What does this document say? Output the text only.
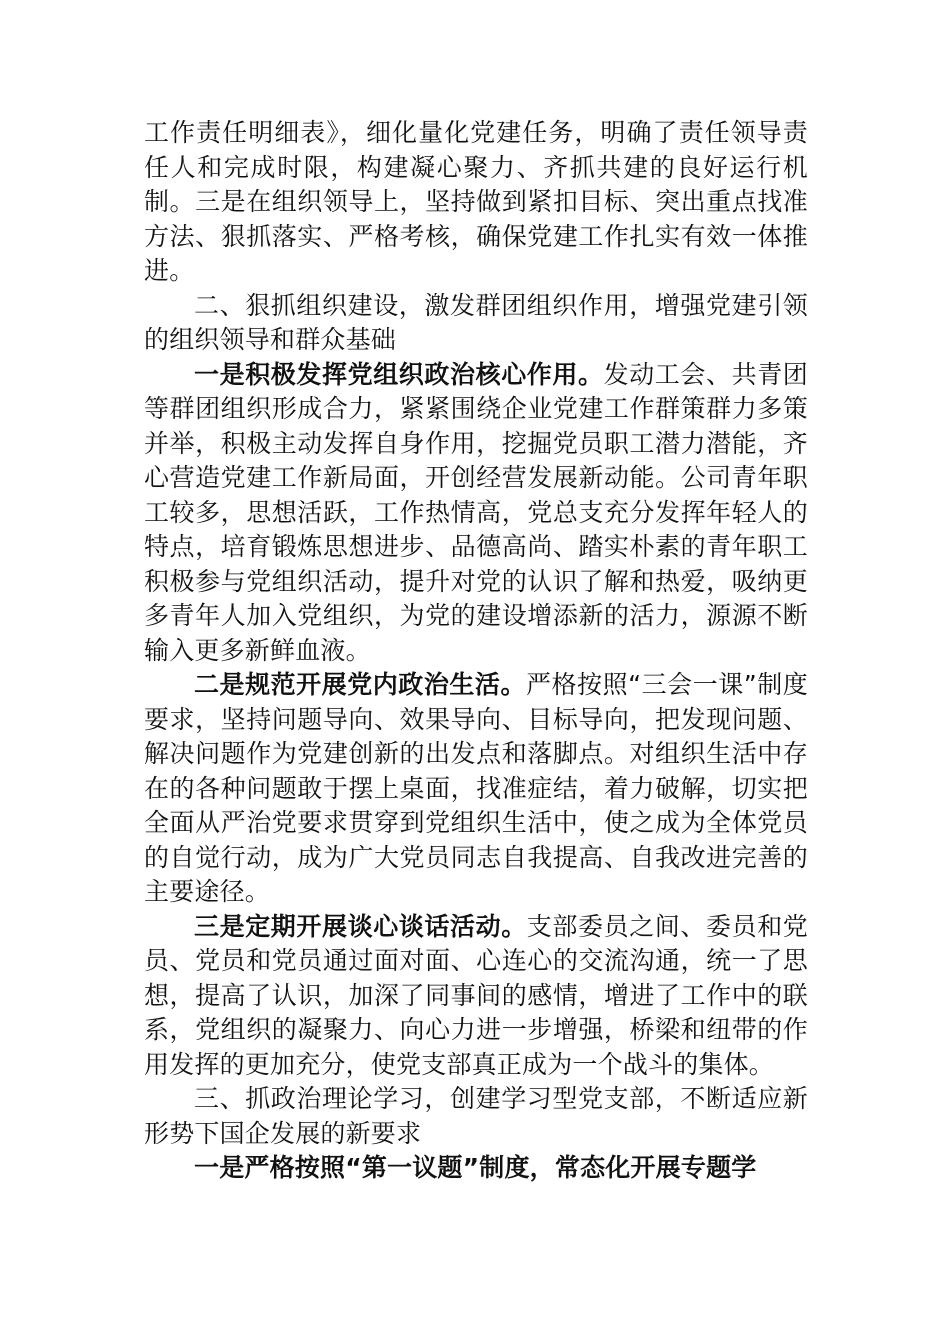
工作责任明细表》，细化量化党建任务，明确了责任领导责任人和完成时限，构建凝心聚力、齐抓共建的良好运行机制。三是在组织领导上，坚持做到紧扣目标、突出重点找准方法、狠抓落实、严格考核，确保党建工作扎实有效一体推进。

二、狠抓组织建设，激发群团组织作用，增强党建引领的组织领导和群众基础

一是积极发挥党组织政治核心作用。发动工会、共青团等群团组织形成合力，紧紧围绕企业党建工作群策群力多策并举，积极主动发挥自身作用，挖掘党员职工潜力潜能，齐心营造党建工作新局面，开创经营发展新动能。公司青年职工较多，思想活跃，工作热情高，党总支充分发挥年轻人的特点，培育锻炼思想进步、品德高尚、踏实朴素的青年职工积极参与党组织活动，提升对党的认识了解和热爱，吸纳更多青年人加入党组织，为党的建设增添新的活力，源源不断输入更多新鲜血液。

二是规范开展党内政治生活。严格按照“三会一课”制度要求，坚持问题导向、效果导向、目标导向，把发现问题、解决问题作为党建创新的出发点和落脚点。对组织生活中存在的各种问题敢于摆上桌面，找准症结，着力破解，切实把全面从严治党要求贯穿到党组织生活中，使之成为全体党员的自觉行动，成为广大党员同志自我提高、自我改进完善的主要途径。

三是定期开展谈心谈话活动。支部委员之间、委员和党员、党员和党员通过面对面、心连心的交流沟通，统一了思想，提高了认识，加深了同事间的感情，增进了工作中的联系，党组织的凝聚力、向心力进一步增强，桥梁和纽带的作用发挥的更加充分，使党支部真正成为一个战斗的集体。

三、抓政治理论学习，创建学习型党支部，不断适应新形势下国企发展的新要求

一是严格按照“第一议题”制度，常态化开展专题学
